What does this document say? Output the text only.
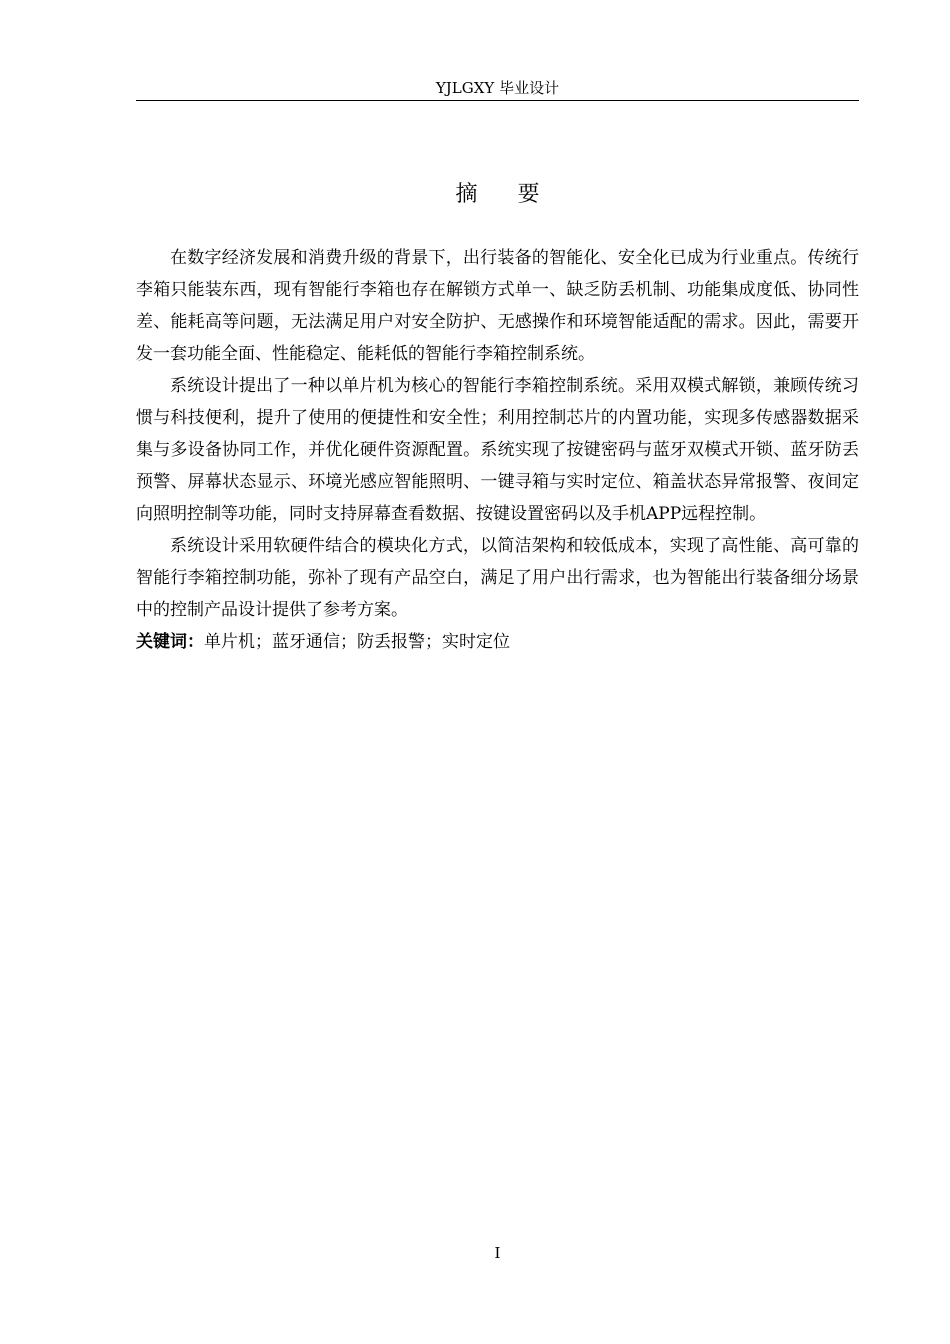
YJLGXY 毕业设计
摘要

在数字经济发展和消费升级的背景下，出行装备的智能化、安全化已成为行业重点。传统行李箱只能装东西，现有智能行李箱也存在解锁方式单一、缺乏防丢机制、功能集成度低、协同性差、能耗高等问题，无法满足用户对安全防护、无感操作和环境智能适配的需求。因此，需要开发一套功能全面、性能稳定、能耗低的智能行李箱控制系统。

系统设计提出了一种以单片机为核心的智能行李箱控制系统。采用双模式解锁，兼顾传统习惯与科技便利，提升了使用的便捷性和安全性；利用控制芯片的内置功能，实现多传感器数据采集与多设备协同工作，并优化硬件资源配置。系统实现了按键密码与蓝牙双模式开锁、蓝牙防丢预警、屏幕状态显示、环境光感应智能照明、一键寻箱与实时定位、箱盖状态异常报警、夜间定向照明控制等功能，同时支持屏幕查看数据、按键设置密码以及手机APP远程控制。

系统设计采用软硬件结合的模块化方式，以简洁架构和较低成本，实现了高性能、高可靠的智能行李箱控制功能，弥补了现有产品空白，满足了用户出行需求，也为智能出行装备细分场景中的控制产品设计提供了参考方案。

关键词：单片机；蓝牙通信；防丢报警；实时定位

I
